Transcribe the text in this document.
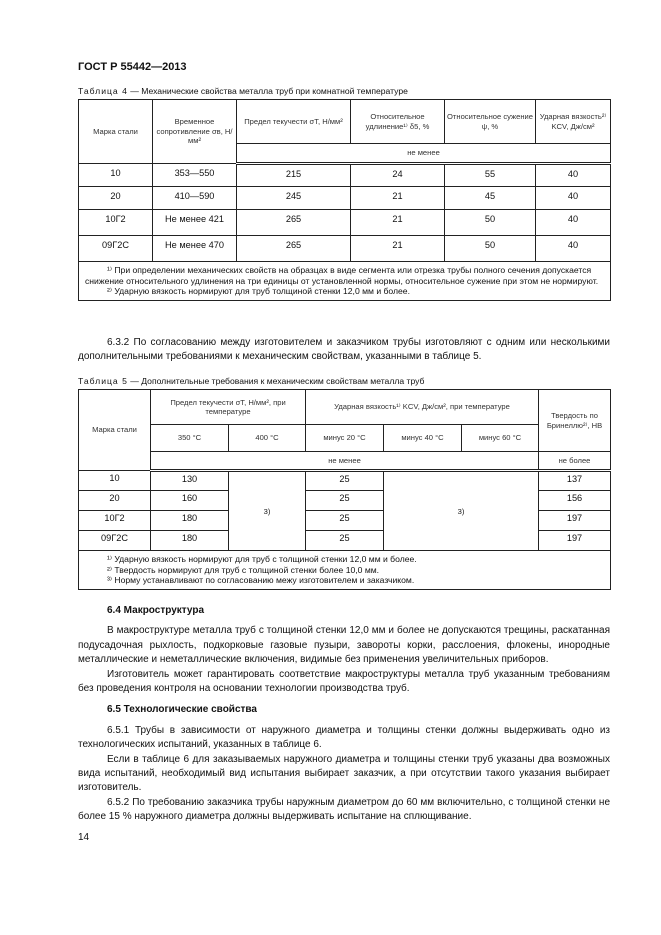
ГОСТ Р 55442—2013
Таблица 4 — Механические свойства металла труб при комнатной температуре
Марка стали	Временное сопротивление σв, Н/мм²	Предел текучести σТ, Н/мм²	Относительное удлинение¹⁾ δ5, %	Относительное сужение ψ, %	Ударная вязкость²⁾ KCV, Дж/см²
		не менее			
10	353—550	215	24	55	40
20	410—590	245	21	45	40
10Г2	Не менее 421	265	21	50	40
09Г2С	Не менее 470	265	21	50	40

¹⁾ При определении механических свойств на образцах в виде сегмента или отрезка трубы полного сечения допускается снижение относительного удлинения на три единицы от установленной нормы, относительное сужение при этом не нормируют.
²⁾ Ударную вязкость нормируют для труб толщиной стенки 12,0 мм и более.					
6.3.2 По согласованию между изготовителем и заказчиком трубы изготовляют с одним или несколькими дополнительными требованиями к механическим свойствам, указанными в таблице 5.
Таблица 5 — Дополнительные требования к механическим свойствам металла труб
Марка стали	Предел текучести σТ, Н/мм², при температуре		Ударная вязкость¹⁾ KCV, Дж/см², при температуре			Твердость по Бринеллю²⁾, HB
	350 °С	400 °С	минус 20 °С	минус 40 °С	минус 60 °С	
	не менее					не более
10	130	3)	25	3)		137
20	160		25			156
10Г2	180		25			197
09Г2С	180		25			197

¹⁾ Ударную вязкость нормируют для труб с толщиной стенки 12,0 мм и более.
²⁾ Твердость нормируют для труб с толщиной стенки более 10,0 мм.
³⁾ Норму устанавливают по согласованию межу изготовителем и заказчиком.						
6.4 Макроструктура
В макроструктуре металла труб с толщиной стенки 12,0 мм и более не допускаются трещины, раскатанная подусадочная рыхлость, подкорковые газовые пузыри, завороты корки, расслоения, флокены, инородные металлические и неметаллические включения, видимые без применения увеличительных приборов.
Изготовитель может гарантировать соответствие макроструктуры металла труб указанным требованиям без проведения контроля на основании технологии производства труб.
6.5 Технологические свойства
6.5.1 Трубы в зависимости от наружного диаметра и толщины стенки должны выдерживать одно из технологических испытаний, указанных в таблице 6.
Если в таблице 6 для заказываемых наружного диаметра и толщины стенки труб указаны два возможных вида испытаний, необходимый вид испытания выбирает заказчик, а при отсутствии такого указания выбирает изготовитель.
6.5.2 По требованию заказчика трубы наружным диаметром до 60 мм включительно, с толщиной стенки не более 15 % наружного диаметра должны выдерживать испытание на сплющивание.
14
